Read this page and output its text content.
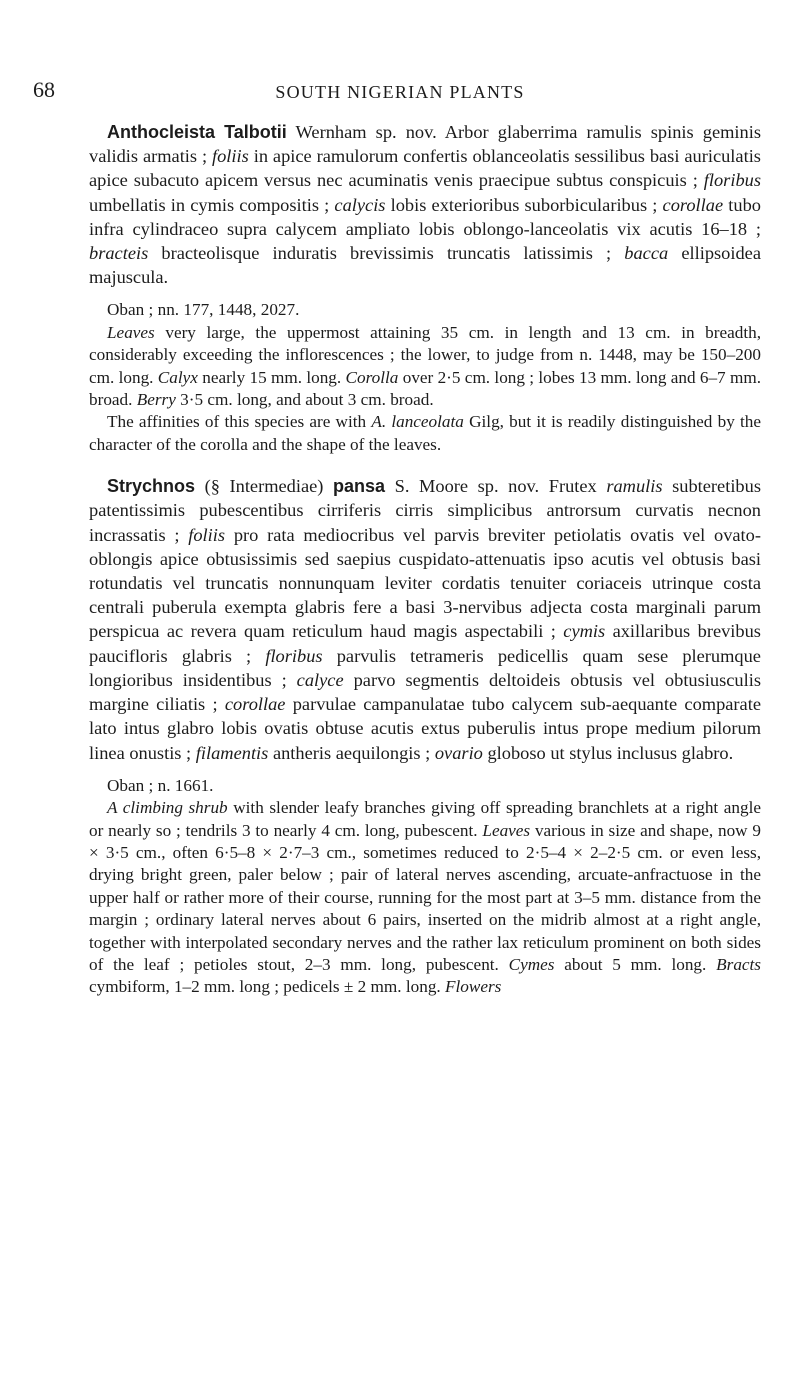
68	SOUTH NIGERIAN PLANTS

Anthocleista Talbotii Wernham sp. nov. Arbor glaberrima ramulis spinis geminis validis armatis ; foliis in apice ramulorum confertis oblanceolatis sessilibus basi auriculatis apice subacuto apicem versus nec acuminatis venis praecipue subtus conspicuis ; floribus umbellatis in cymis compositis ; calycis lobis exterioribus suborbicularibus ; corollae tubo infra cylindraceo supra calycem ampliato lobis oblongo-lanceolatis vix acutis 16–18 ; bracteis bracteolisque induratis brevissimis truncatis latissimis ; bacca ellipsoidea majuscula.

Oban ; nn. 177, 1448, 2027.

Leaves very large, the uppermost attaining 35 cm. in length and 13 cm. in breadth, considerably exceeding the inflorescences ; the lower, to judge from n. 1448, may be 150–200 cm. long. Calyx nearly 15 mm. long. Corolla over 2·5 cm. long ; lobes 13 mm. long and 6–7 mm. broad. Berry 3·5 cm. long, and about 3 cm. broad.

The affinities of this species are with A. lanceolata Gilg, but it is readily distinguished by the character of the corolla and the shape of the leaves.

Strychnos (§ Intermediae) pansa S. Moore sp. nov. Frutex ramulis subteretibus patentissimis pubescentibus cirriferis cirris simplicibus antrorsum curvatis necnon incrassatis ; foliis pro rata mediocribus vel parvis breviter petiolatis ovatis vel ovato-oblongis apice obtusissimis sed saepius cuspidato-attenuatis ipso acutis vel obtusis basi rotundatis vel truncatis nonnunquam leviter cordatis tenuiter coriaceis utrinque costa centrali puberula exempta glabris fere a basi 3-nervibus adjecta costa marginali parum perspicua ac revera quam reticulum haud magis aspectabili ; cymis axillaribus brevibus paucifloris glabris ; floribus parvulis tetrameris pedicellis quam sese plerumque longioribus insidentibus ; calyce parvo segmentis deltoideis obtusis vel obtusiusculis margine ciliatis ; corollae parvulae campanulatae tubo calycem sub-aequante comparate lato intus glabro lobis ovatis obtuse acutis extus puberulis intus prope medium pilorum linea onustis ; filamentis antheris aequilongis ; ovario globoso ut stylus inclusus glabro.

Oban ; n. 1661.

A climbing shrub with slender leafy branches giving off spreading branchlets at a right angle or nearly so ; tendrils 3 to nearly 4 cm. long, pubescent. Leaves various in size and shape, now 9 × 3·5 cm., often 6·5–8 × 2·7–3 cm., sometimes reduced to 2·5–4 × 2–2·5 cm. or even less, drying bright green, paler below ; pair of lateral nerves ascending, arcuate-anfractuose in the upper half or rather more of their course, running for the most part at 3–5 mm. distance from the margin ; ordinary lateral nerves about 6 pairs, inserted on the midrib almost at a right angle, together with interpolated secondary nerves and the rather lax reticulum prominent on both sides of the leaf ; petioles stout, 2–3 mm. long, pubescent. Cymes about 5 mm. long. Bracts cymbiform, 1–2 mm. long ; pedicels ± 2 mm. long. Flowers
